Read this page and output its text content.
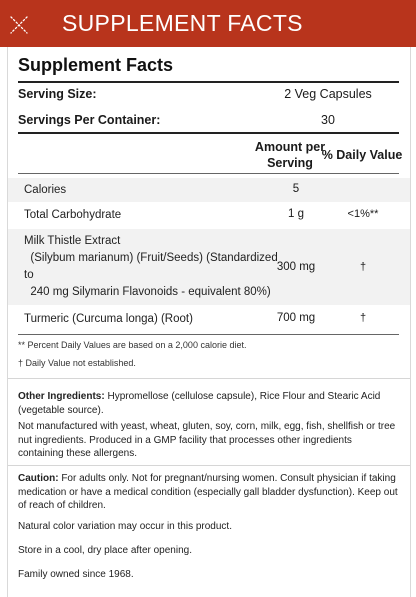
SUPPLEMENT FACTS
Supplement Facts
Serving Size:	2 Veg Capsules
Servings Per Container:	30
Amount per
Serving
% Daily Value
Calories	5
Total Carbohydrate	1 g	<1%**
Milk Thistle Extract
(Silybum marianum) (Fruit/Seeds) (Standardized
to
240 mg Silymarin Flavonoids - equivalent 80%)
300 mg	†
Turmeric (Curcuma longa) (Root)	700 mg	†
** Percent Daily Values are based on a 2,000 calorie diet.
† Daily Value not established.
Other Ingredients: Hypromellose (cellulose capsule), Rice Flour and Stearic Acid (vegetable source).
Not manufactured with yeast, wheat, gluten, soy, corn, milk, egg, fish, shellfish or tree nut ingredients. Produced in a GMP facility that processes other ingredients containing these allergens.
Caution: For adults only. Not for pregnant/nursing women. Consult physician if taking medication or have a medical condition (especially gall bladder dysfunction). Keep out of reach of children.
Natural color variation may occur in this product.
Store in a cool, dry place after opening.
Family owned since 1968.
